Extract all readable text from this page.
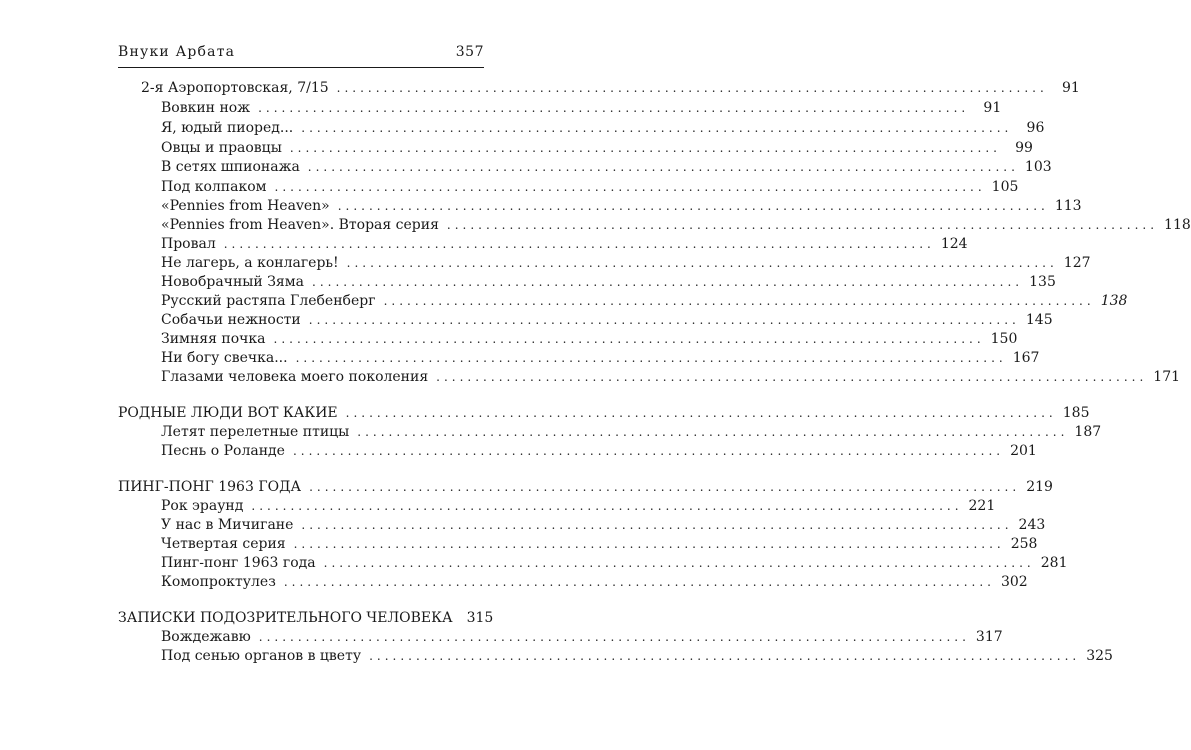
Внуки Арбата	357
2-я Аэропортовская, 7/15 ...........................................................................................	91
Вовкин нож ...........................................................................................	91
Я, юдый пиоред... ...........................................................................................	96
Овцы и праовцы ...........................................................................................	99
В сетях шпионажа ........................................................................................... 103
Под колпаком ........................................................................................... 105
«Pennies from Heaven» ........................................................................................... 113
«Pennies from Heaven». Вторая серия ........................................................................................... 118
Провал ........................................................................................... 124
Не лагерь, а конлагерь! ........................................................................................... 127
Новобрачный Зяма ........................................................................................... 135
Русский растяпа Глебенберг ........................................................................................... 138
Собачьи нежности ........................................................................................... 145
Зимняя почка ........................................................................................... 150
Ни богу свечка... ........................................................................................... 167
Глазами человека моего поколения ........................................................................................... 171
РОДНЫЕ ЛЮДИ ВОТ КАКИЕ ........................................................................................... 185
Летят перелетные птицы ........................................................................................... 187
Песнь о Роланде ........................................................................................... 201
ПИНГ-ПОНГ 1963 ГОДА ........................................................................................... 219
Рок эраунд ........................................................................................... 221
У нас в Мичигане ........................................................................................... 243
Четвертая серия ........................................................................................... 258
Пинг-понг 1963 года ........................................................................................... 281
Комопроктулез ........................................................................................... 302
ЗАПИСКИ ПОДОЗРИТЕЛЬНОГО ЧЕЛОВЕКА 315
Вождежавю ........................................................................................... 317
Под сенью органов в цвету ........................................................................................... 325
